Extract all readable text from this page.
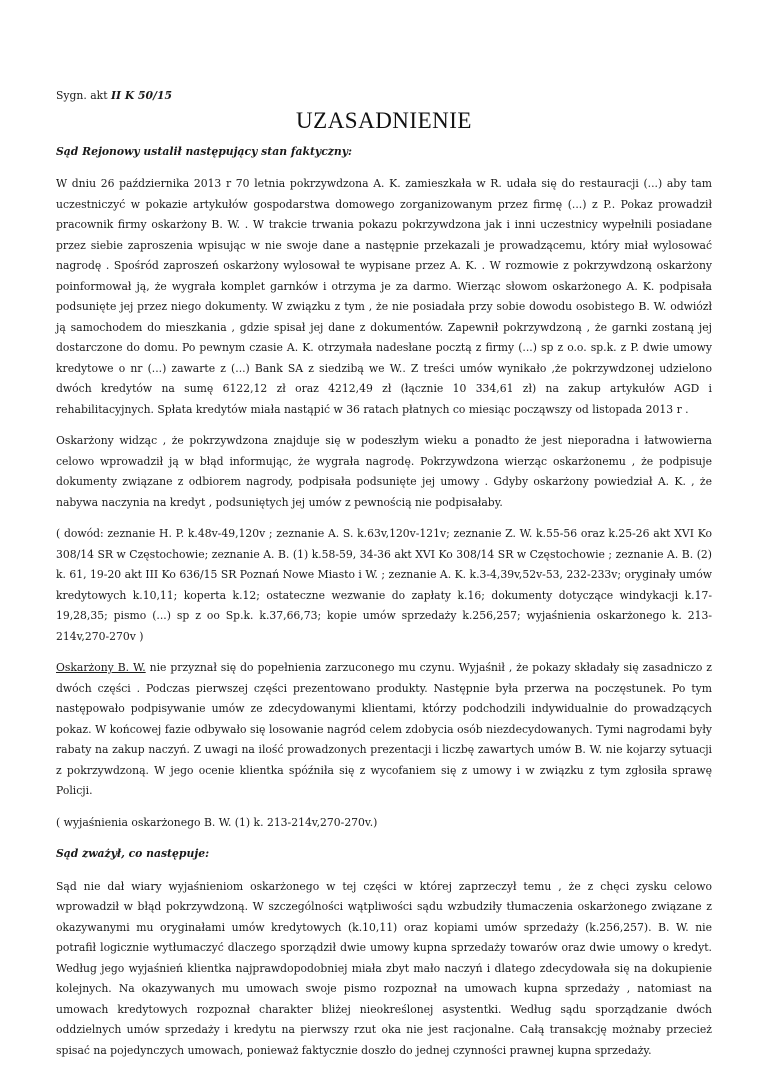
Sygn. akt II K 50/15

UZASADNIENIE

Sąd Rejonowy ustalił następujący stan faktyczny:

W dniu 26 października 2013 r 70 letnia pokrzywdzona A. K. zamieszkała w R. udała się do restauracji (...) aby tam uczestniczyć w pokazie artykułów gospodarstwa domowego zorganizowanym przez firmę (...) z P.. Pokaz prowadził pracownik firmy oskarżony B. W. . W trakcie trwania pokazu pokrzywdzona jak i inni uczestnicy wypełnili posiadane przez siebie zaproszenia wpisując w nie swoje dane a następnie przekazali je prowadzącemu, który miał wylosować nagrodę . Spośród zaproszeń oskarżony wylosował te wypisane przez A. K. . W rozmowie z pokrzywdzoną oskarżony poinformował ją, że wygrała komplet garnków i otrzyma je za darmo. Wierząc słowom oskarżonego A. K. podpisała podsunięte jej przez niego dokumenty. W związku z tym , że nie posiadała przy sobie dowodu osobistego B. W. odwiózł ją samochodem do mieszkania , gdzie spisał jej dane z dokumentów. Zapewnił pokrzywdzoną , że garnki zostaną jej dostarczone do domu. Po pewnym czasie A. K. otrzymała nadesłane pocztą z firmy (...) sp z o.o. sp.k. z P. dwie umowy kredytowe o nr (...) zawarte z (...) Bank SA z siedzibą we W.. Z treści umów wynikało ,że pokrzywdzonej udzielono dwóch kredytów na sumę 6122,12 zł oraz 4212,49 zł (łącznie 10 334,61 zł) na zakup artykułów AGD i rehabilitacyjnych. Spłata kredytów miała nastąpić w 36 ratach płatnych co miesiąc począwszy od listopada 2013 r .

Oskarżony widząc , że pokrzywdzona znajduje się w podeszłym wieku a ponadto że jest nieporadna i łatwowierna celowo wprowadził ją w błąd informując, że wygrała nagrodę. Pokrzywdzona wierząc oskarżonemu , że podpisuje dokumenty związane z odbiorem nagrody, podpisała podsunięte jej umowy . Gdyby oskarżony powiedział A. K. , że nabywa naczynia na kredyt , podsuniętych jej umów z pewnością nie podpisałaby.

( dowód: zeznanie H. P. k.48v-49,120v ; zeznanie A. S. k.63v,120v-121v; zeznanie Z. W. k.55-56 oraz k.25-26 akt XVI Ko 308/14 SR w Częstochowie; zeznanie A. B. (1) k.58-59, 34-36 akt XVI Ko 308/14 SR w Częstochowie ; zeznanie A. B. (2) k. 61, 19-20 akt III Ko 636/15 SR Poznań Nowe Miasto i W. ; zeznanie A. K. k.3-4,39v,52v-53, 232-233v; oryginały umów kredytowych k.10,11; koperta k.12; ostateczne wezwanie do zapłaty k.16; dokumenty dotyczące windykacji k.17-19,28,35; pismo (...) sp z oo Sp.k. k.37,66,73; kopie umów sprzedaży k.256,257; wyjaśnienia oskarżonego k. 213-214v,270-270v )

Oskarżony B. W. nie przyznał się do popełnienia zarzuconego mu czynu. Wyjaśnił , że pokazy składały się zasadniczo z dwóch części . Podczas pierwszej części prezentowano produkty. Następnie była przerwa na poczęstunek. Po tym następowało podpisywanie umów ze zdecydowanymi klientami, którzy podchodzili indywidualnie do prowadzących pokaz. W końcowej fazie odbywało się losowanie nagród celem zdobycia osób niezdecydowanych. Tymi nagrodami były rabaty na zakup naczyń. Z uwagi na ilość prowadzonych prezentacji i liczbę zawartych umów B. W. nie kojarzy sytuacji z pokrzywdzoną. W jego ocenie klientka spóźniła się z wycofaniem się z umowy i w związku z tym zgłosiła sprawę Policji.

( wyjaśnienia oskarżonego B. W. (1) k. 213-214v,270-270v.)

Sąd zważył, co następuje:

Sąd nie dał wiary wyjaśnieniom oskarżonego w tej części w której zaprzeczył temu , że z chęci zysku celowo wprowadził w błąd pokrzywdzoną. W szczególności wątpliwości sądu wzbudziły tłumaczenia oskarżonego związane z okazywanymi mu oryginałami umów kredytowych (k.10,11) oraz kopiami umów sprzedaży (k.256,257). B. W. nie potrafił logicznie wytłumaczyć dlaczego sporządził dwie umowy kupna sprzedaży towarów oraz dwie umowy o kredyt. Według jego wyjaśnień klientka najprawdopodobniej miała zbyt mało naczyń i dlatego zdecydowała się na dokupienie kolejnych. Na okazywanych mu umowach swoje pismo rozpoznał na umowach kupna sprzedaży , natomiast na umowach kredytowych rozpoznał charakter bliżej nieokreślonej asystentki. Według sądu sporządzanie dwóch oddzielnych umów sprzedaży i kredytu na pierwszy rzut oka nie jest racjonalne. Całą transakcję możnaby przecież spisać na pojedynczych umowach, ponieważ faktycznie doszło do jednej czynności prawnej kupna sprzedaży.
